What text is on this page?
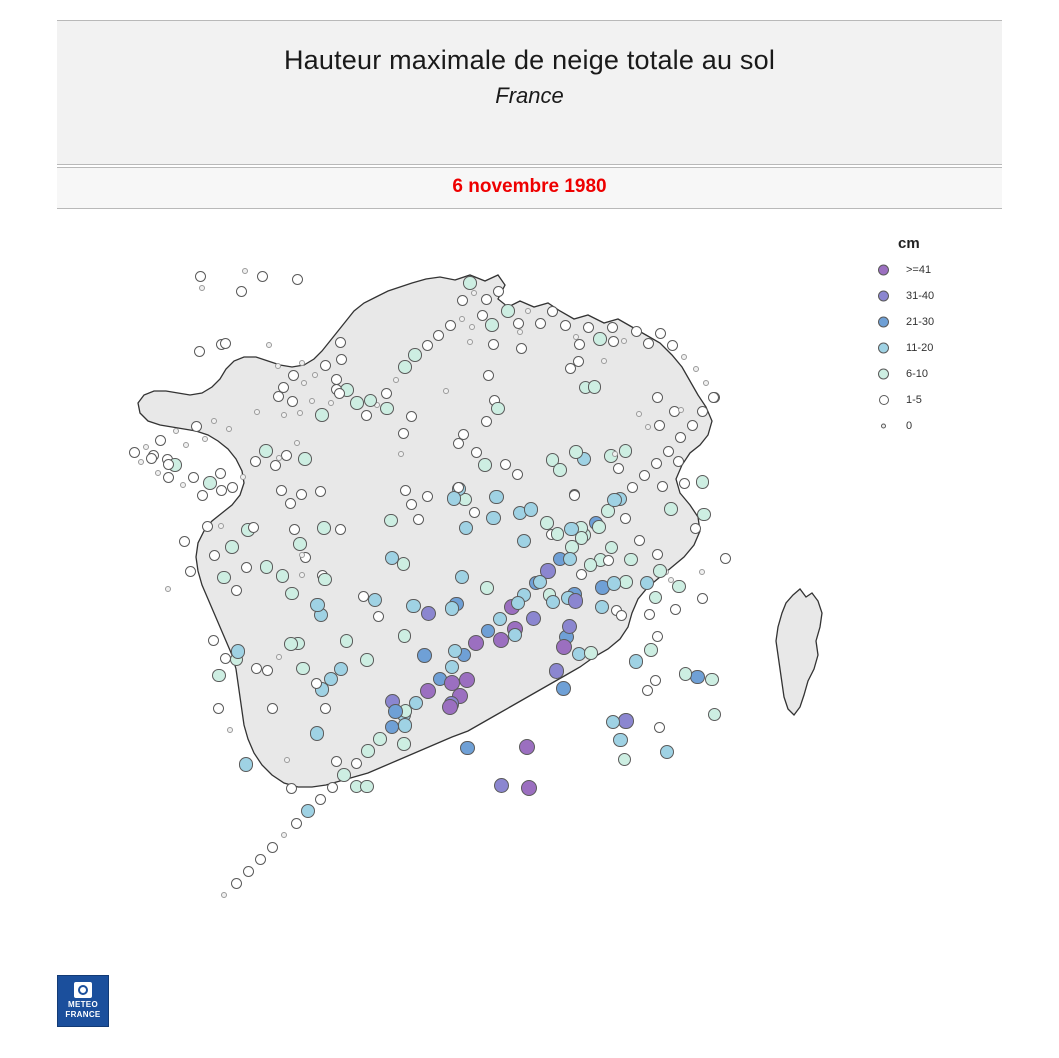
Hauteur maximale de neige totale au sol
France
6 novembre 1980
cm
>=41
31-40
21-30
11-20
6-10
1-5
0
METEO
FRANCE
